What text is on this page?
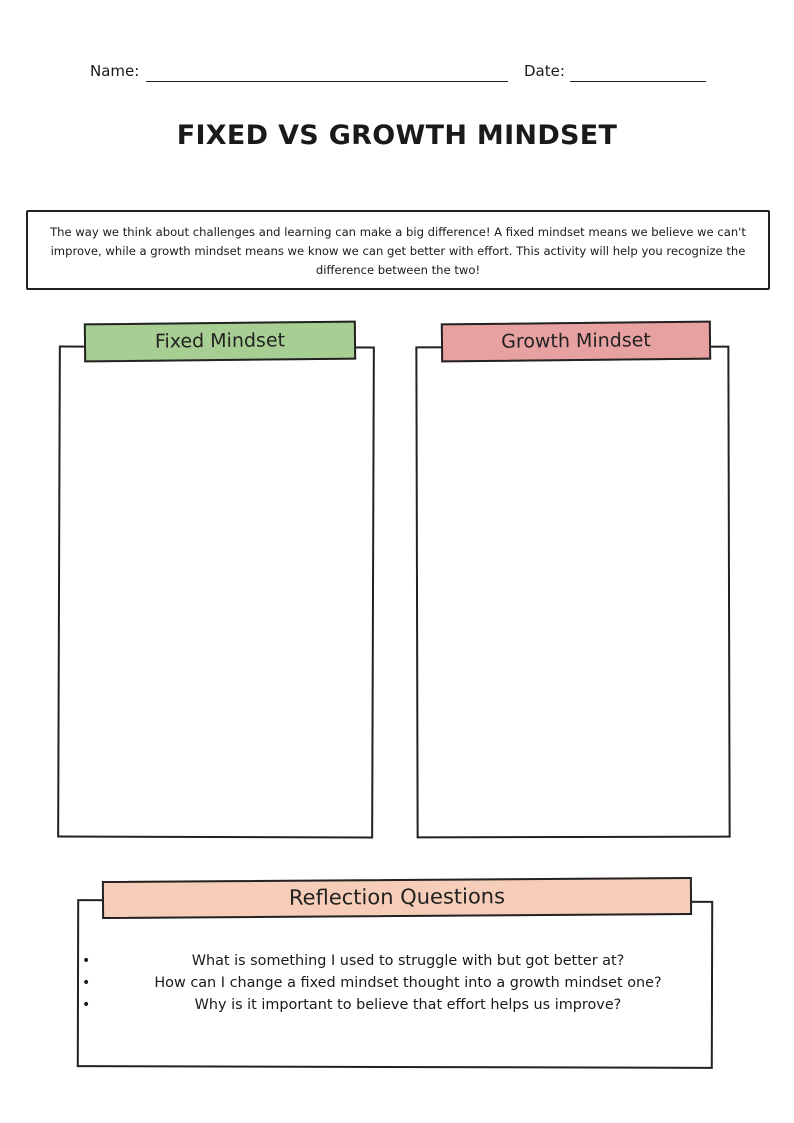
Name:	Date:
FIXED VS GROWTH MINDSET
The way we think about challenges and learning can make a big difference! A fixed mindset means we believe we can't improve, while a growth mindset means we know we can get better with effort. This activity will help you recognize the difference between the two!
Fixed Mindset	Growth Mindset
Reflection Questions
•	What is something I used to struggle with but got better at?
•	How can I change a fixed mindset thought into a growth mindset one?
•	Why is it important to believe that effort helps us improve?
